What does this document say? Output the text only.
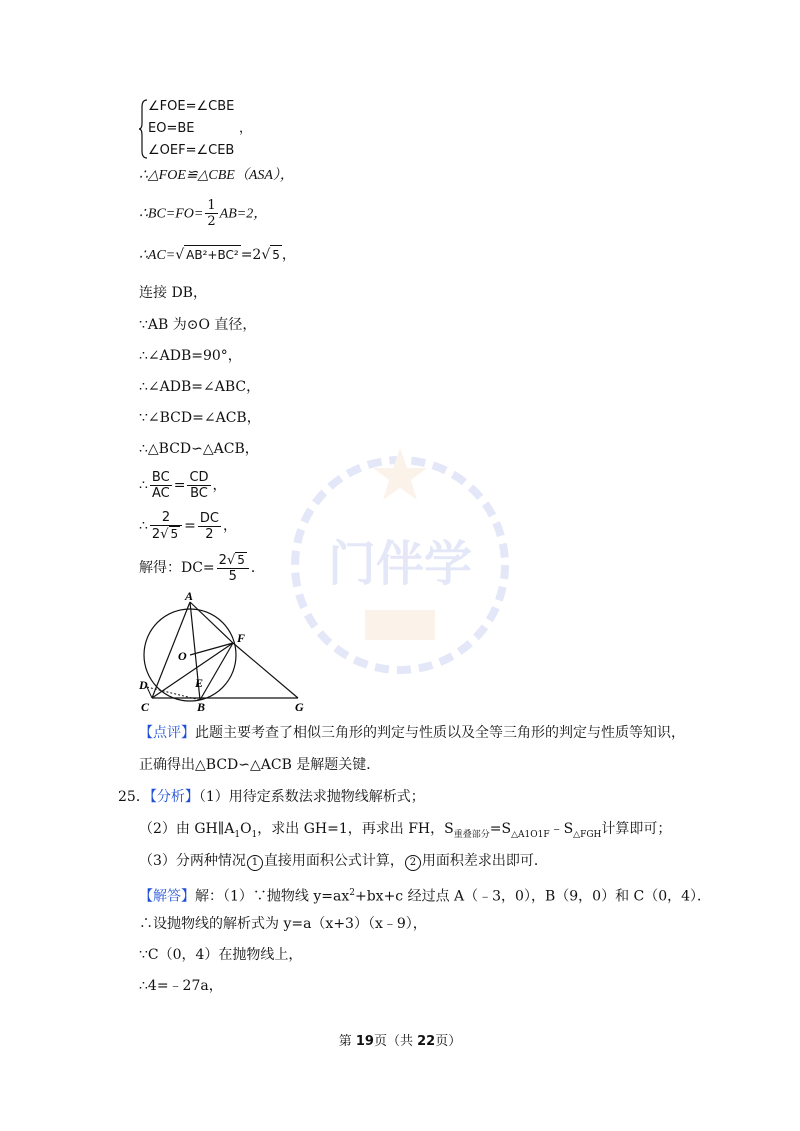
∠FOE=∠CBE
EO=BE
∠OEF=∠CEB
，
∴△FOE≌△CBE（ASA），
∴BC=FO= $\frac{1}{2} AB=2$，
∴AC=√ AB²+BC² =2√ 5 ，
连接 DB，
∵AB 为⊙O 直径，
∴∠ADB=90°，
∴∠ADB=∠ABC，
∵∠BCD=∠ACB，
∴△BCD∽△ACB，
∴ $\frac{BC}{AC} = \frac{CD}{BC}$ ，
∴ $\frac{2}{2√ 5} = \frac{DC}{2}$ ，
解得：$DC= \frac{2√ 5}{5}$ ． 门伴学
A
O
F
D	E
C	B	G
【点评】此题主要考查了相似三角形的判定与性质以及全等三角形的判定与性质等知识，
正确得出△BCD∽△ACB 是解题关键．
25．【分析】（1）用待定系数法求抛物线解析式；
（2）由 $GH\parallel A_1O_1$，求出 GH=1，再求出 FH，$S_{重叠部分}=S_{\triangle A1O1F}﹣S_{\triangle FGH}$计算即可；
（3）分两种情况 1 直接用面积公式计算， 2 用面积差求出即可．
【解答】解：（1）∵抛物线 $y=ax^2+bx+c$ 经过点 A（﹣3，0），B（9，0）和 C（0，4）．
∴设抛物线的解析式为 y=a（x+3）（x﹣9），
∵C（0，4）在抛物线上，
∴4=﹣27a，
第 19页（共 22页）
